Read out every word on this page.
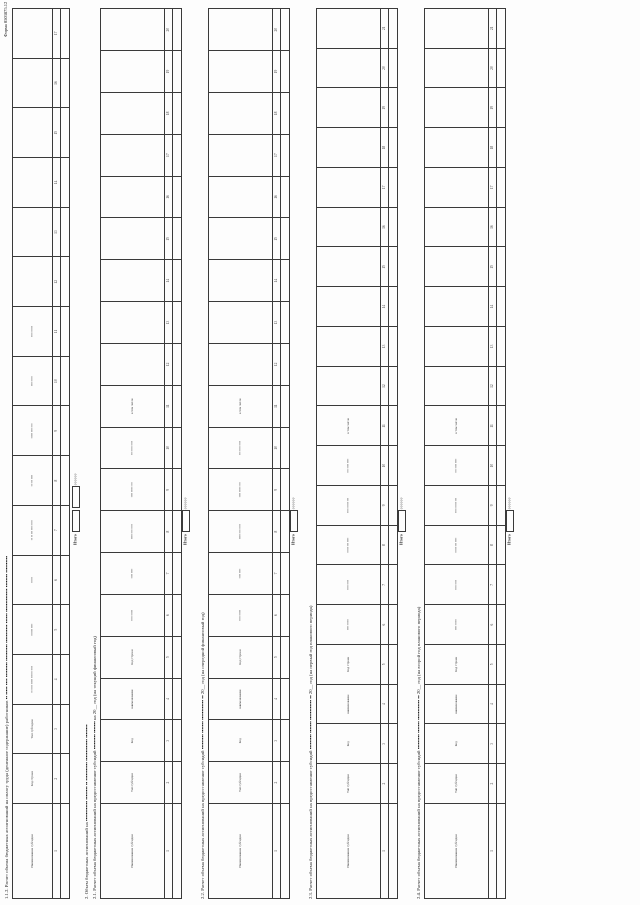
Форма 0503875.12
1.1.2. Расчет объема бюджетных ассигнований на оплату труда (денежное содержание) работников ▪▪ ▪▪▪▪▪ ▪▪▪▪ ▪▪▪▪▪▪▪▪▪ ▪▪▪▪▪▪▪▪▪▪ ▪▪▪▪▪▪▪▪▪▪▪ ▪▪▪▪▪▪ ▪▪▪▪▪▪▪▪▪▪▪▪▪▪ ▪▪▪▪▪▪▪▪ ▪▪▪▪▪▪▪▪▪▪	Наименование субсидии	Код строки	Тип субсидии	•• •••• ••••• •••••• ••••	•••••• ••••	•••••	•• •• ••• •••• ••••	•• ••• ••••	••••• •••• •••	•••• ••••	•••• •••••						
1	2	3	4	5	6	7	8	9	10	11	12	13	14	15	16	17

Итого 000000
2. Объем бюджетных ассигнований на ▪▪▪▪▪▪▪▪▪▪▪▪ ▪▪▪▪▪▪▪▪ ▪▪ ▪▪▪▪▪▪▪▪▪▪▪ ▪▪▪▪▪▪▪▪▪▪▪▪▪ ▪▪▪▪▪▪▪▪ 2.1. Расчет объема бюджетных ассигнований на предоставление субсидий ▪▪▪▪▪▪▪▪▪ ▪▪▪▪▪▪▪ на 20__ год (на текущий финансовый год)	Наименование субсидии	Тип субсидии	Код	наименование	Код строки	•••• •••••	•••• ••••	••••• ••• ••••	•••• ••••• •••	••• •••• ••••	в том числе									
1	2	3	4	5	6	7	8	9	10	11	12	13	14	15	16	17	18	19	20

Итого 000000
2.2. Расчет объема бюджетных ассигнований на предоставление субсидий ▪▪▪▪▪▪▪▪▪ ▪▪▪▪▪▪▪ ▪▪▪▪▪▪▪▪▪▪▪▪ ▪▪ 20__ год (на очередной финансовый год)	Наименование субсидии	Тип субсидии	Код	наименование	Код строки	•••• •••••	•••• ••••	••••• ••• ••••	•••• ••••• •••	••• •••• ••••	в том числе									
1	2	3	4	5	6	7	8	9	10	11	12	13	14	15	16	17	18	19	20

Итого 000000
2.3. Расчет объема бюджетных ассигнований на предоставление субсидий ▪▪▪▪▪▪▪▪▪ ▪▪▪▪▪▪▪ ▪▪▪▪▪▪▪▪▪▪▪▪ ▪▪ 20__ год (на первый год планового периода)	Наименование субсидии	Тип субсидии	Код	наименование	Код строки	•••• •••••	•••• ••••	••••• ••• ••••	•••• ••••• •••	••• •••• ••••	в том числе										
1	2	3	4	5	6	7	8	9	10	11	12	13	14	15	16	17	18	19	20	21

Итого 000000
2.4. Расчет объема бюджетных ассигнований на предоставление субсидий ▪▪▪▪▪▪▪▪▪ ▪▪▪▪▪▪▪ ▪▪▪▪▪▪▪▪▪▪▪▪ ▪▪ 20__ год (на второй год планового периода)	Наименование субсидии	Тип субсидии	Код	наименование	Код строки	•••• •••••	•••• ••••	••••• ••• ••••	•••• ••••• •••	••• •••• ••••	в том числе										
1	2	3	4	5	6	7	8	9	10	11	12	13	14	15	16	17	18	19	20	21

Итого 000000
